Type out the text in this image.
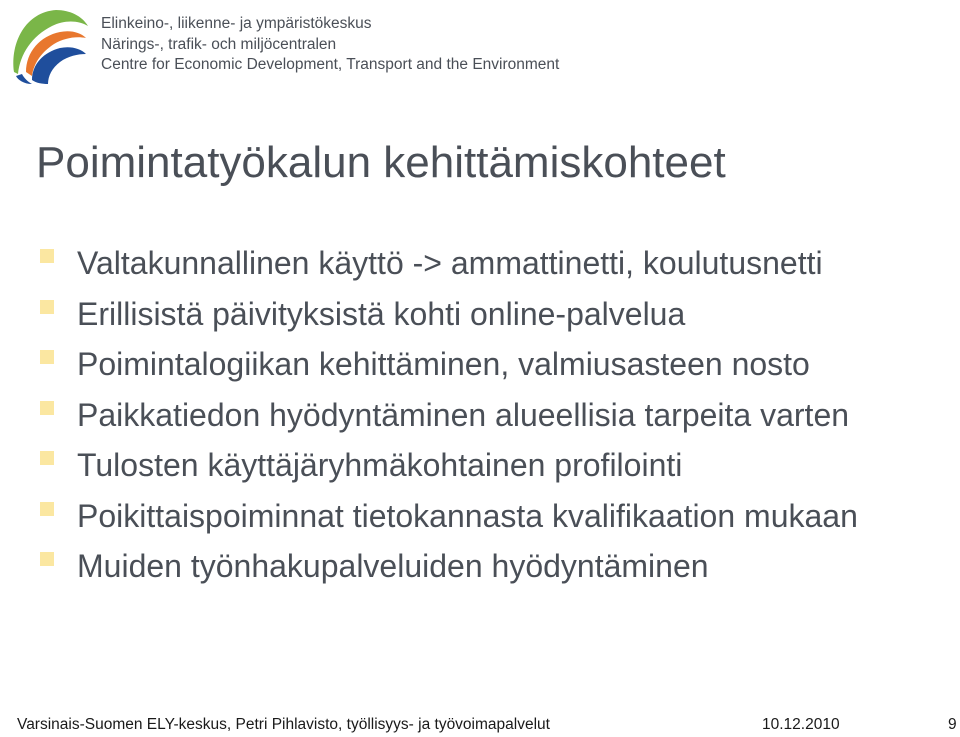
Elinkeino-, liikenne- ja ympäristökeskus
Närings-, trafik- och miljöcentralen
Centre for Economic Development, Transport and the Environment
Poimintatyökalun kehittämiskohteet
Valtakunnallinen käyttö -> ammattinetti, koulutusnetti
Erillisistä päivityksistä kohti online-palvelua
Poimintalogiikan kehittäminen, valmiusasteen nosto
Paikkatiedon hyödyntäminen alueellisia tarpeita varten
Tulosten käyttäjäryhmäkohtainen profilointi
Poikittaispoiminnat tietokannasta kvalifikaation mukaan
Muiden työnhakupalveluiden hyödyntäminen
Varsinais-Suomen ELY-keskus, Petri Pihlavisto, työllisyys- ja työvoimapalvelut	10.12.2010	9
